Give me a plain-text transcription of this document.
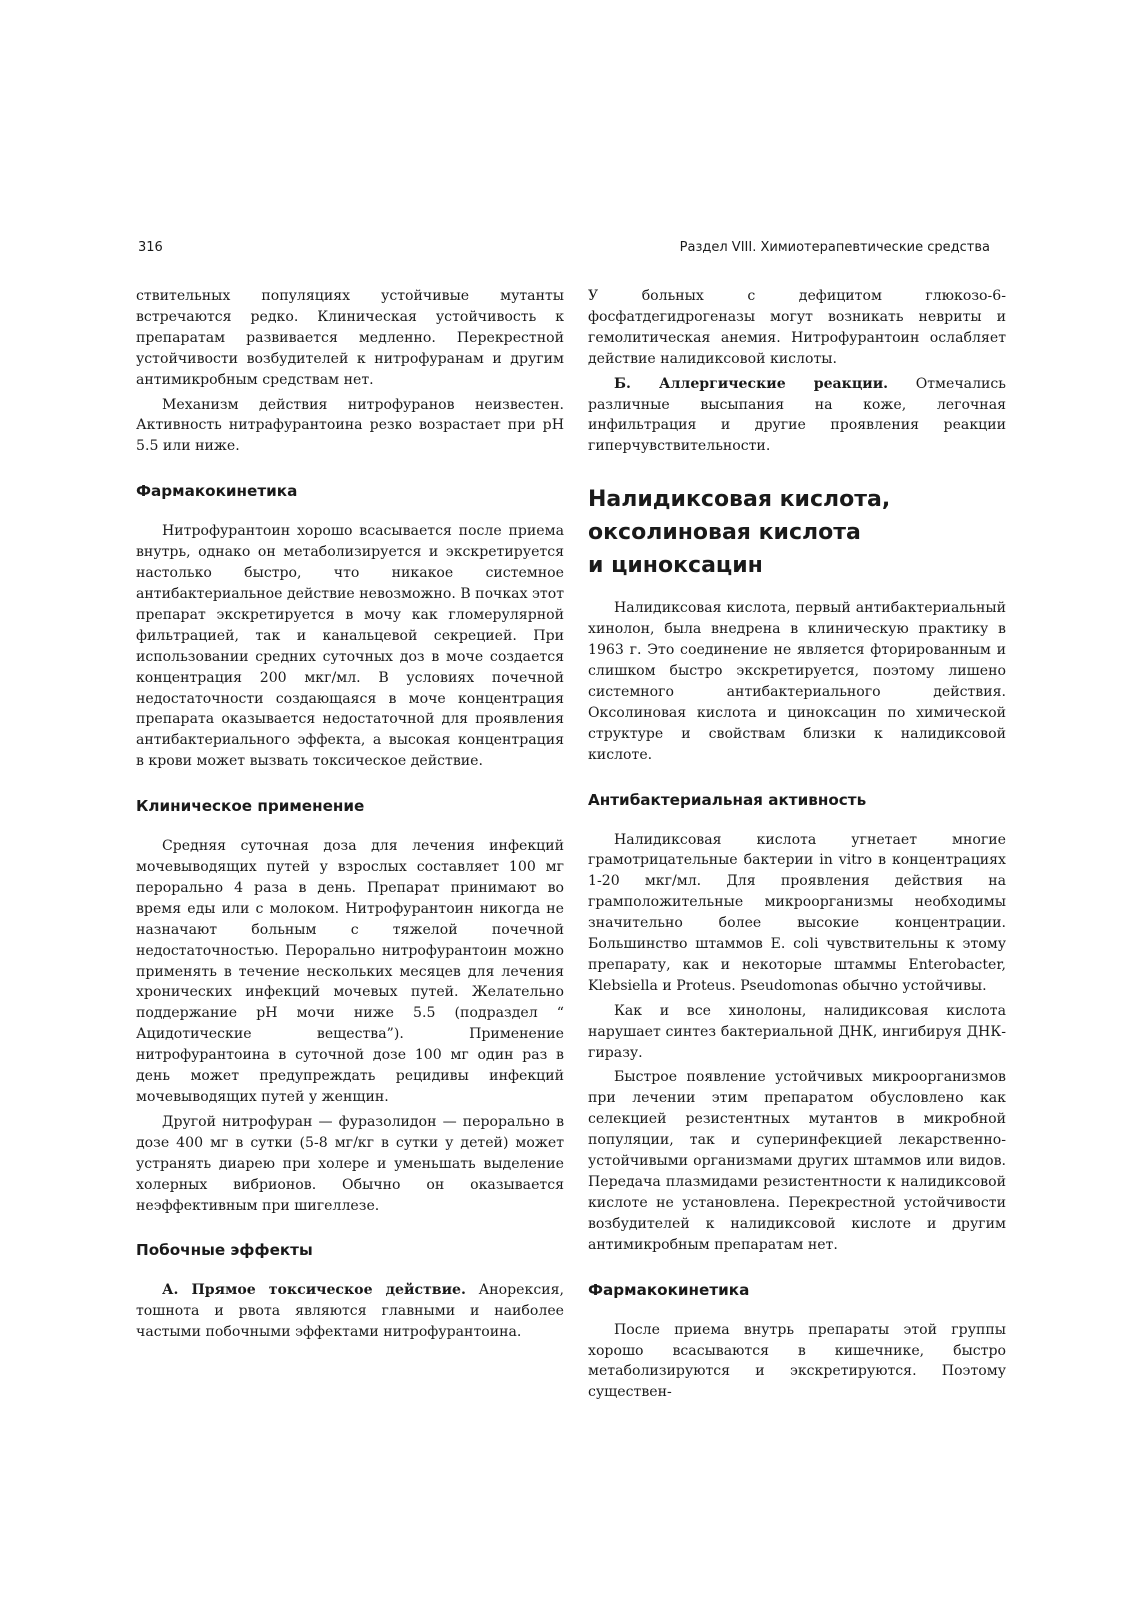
316	Раздел VIII. Химиотерапевтические средства

ствительных популяциях устойчивые мутанты встречаются редко. Клиническая устойчивость к препаратам развивается медленно. Перекрестной устойчивости возбудителей к нитрофуранам и другим антимикробным средствам нет.

Механизм действия нитрофуранов неизвестен. Активность нитрафурантоина резко возрастает при pH 5.5 или ниже.

Фармакокинетика

Нитрофурантоин хорошо всасывается после приема внутрь, однако он метаболизируется и экскретируется настолько быстро, что никакое системное антибактериальное действие невозможно. В почках этот препарат экскретируется в мочу как гломерулярной фильтрацией, так и канальцевой секрецией. При использовании средних суточных доз в моче создается концентрация 200 мкг/мл. В условиях почечной недостаточности создающаяся в моче концентрация препарата оказывается недостаточной для проявления антибактериального эффекта, а высокая концентрация в крови может вызвать токсическое действие.

Клиническое применение

Средняя суточная доза для лечения инфекций мочевыводящих путей у взрослых составляет 100 мг перорально 4 раза в день. Препарат принимают во время еды или с молоком. Нитрофурантоин никогда не назначают больным с тяжелой почечной недостаточностью. Перорально нитрофурантоин можно применять в течение нескольких месяцев для лечения хронических инфекций мочевых путей. Желательно поддержание pH мочи ниже 5.5 (подраздел “ Ацидотические вещества”). Применение нитрофурантоина в суточной дозе 100 мг один раз в день может предупреждать рецидивы инфекций мочевыводящих путей у женщин.

Другой нитрофуран — фуразолидон — перорально в дозе 400 мг в сутки (5-8 мг/кг в сутки у детей) может устранять диарею при холере и уменьшать выделение холерных вибрионов. Обычно он оказывается неэффективным при шигеллезе.

Побочные эффекты

А. Прямое токсическое действие. Анорексия, тошнота и рвота являются главными и наиболее частыми побочными эффектами нитрофурантоина.

У больных с дефицитом глюкозо-6-фосфатдегидрогеназы могут возникать невриты и гемолитическая анемия. Нитрофурантоин ослабляет действие налидиксовой кислоты.

Б. Аллергические реакции. Отмечались различные высыпания на коже, легочная инфильтрация и другие проявления реакции гиперчувствительности.

Налидиксовая кислота,
оксолиновая кислота
и циноксацин

Налидиксовая кислота, первый антибактериальный хинолон, была внедрена в клиническую практику в 1963 г. Это соединение не является фторированным и слишком быстро экскретируется, поэтому лишено системного антибактериального действия. Оксолиновая кислота и циноксацин по химической структуре и свойствам близки к налидиксовой кислоте.

Антибактериальная активность

Налидиксовая кислота угнетает многие грамотрицательные бактерии in vitro в концентрациях 1-20 мкг/мл. Для проявления действия на грамположительные микроорганизмы необходимы значительно более высокие концентрации. Большинство штаммов E. coli чувствительны к этому препарату, как и некоторые штаммы Enterobacter, Klebsiella и Proteus. Pseudomonas обычно устойчивы.

Как и все хинолоны, налидиксовая кислота нарушает синтез бактериальной ДНК, ингибируя ДНК-гиразу.

Быстрое появление устойчивых микроорганизмов при лечении этим препаратом обусловлено как селекцией резистентных мутантов в микробной популяции, так и суперинфекцией лекарственно-устойчивыми организмами других штаммов или видов. Передача плазмидами резистентности к налидиксовой кислоте не установлена. Перекрестной устойчивости возбудителей к налидиксовой кислоте и другим антимикробным препаратам нет.

Фармакокинетика

После приема внутрь препараты этой группы хорошо всасываются в кишечнике, быстро метаболизируются и экскретируются. Поэтому существен-
